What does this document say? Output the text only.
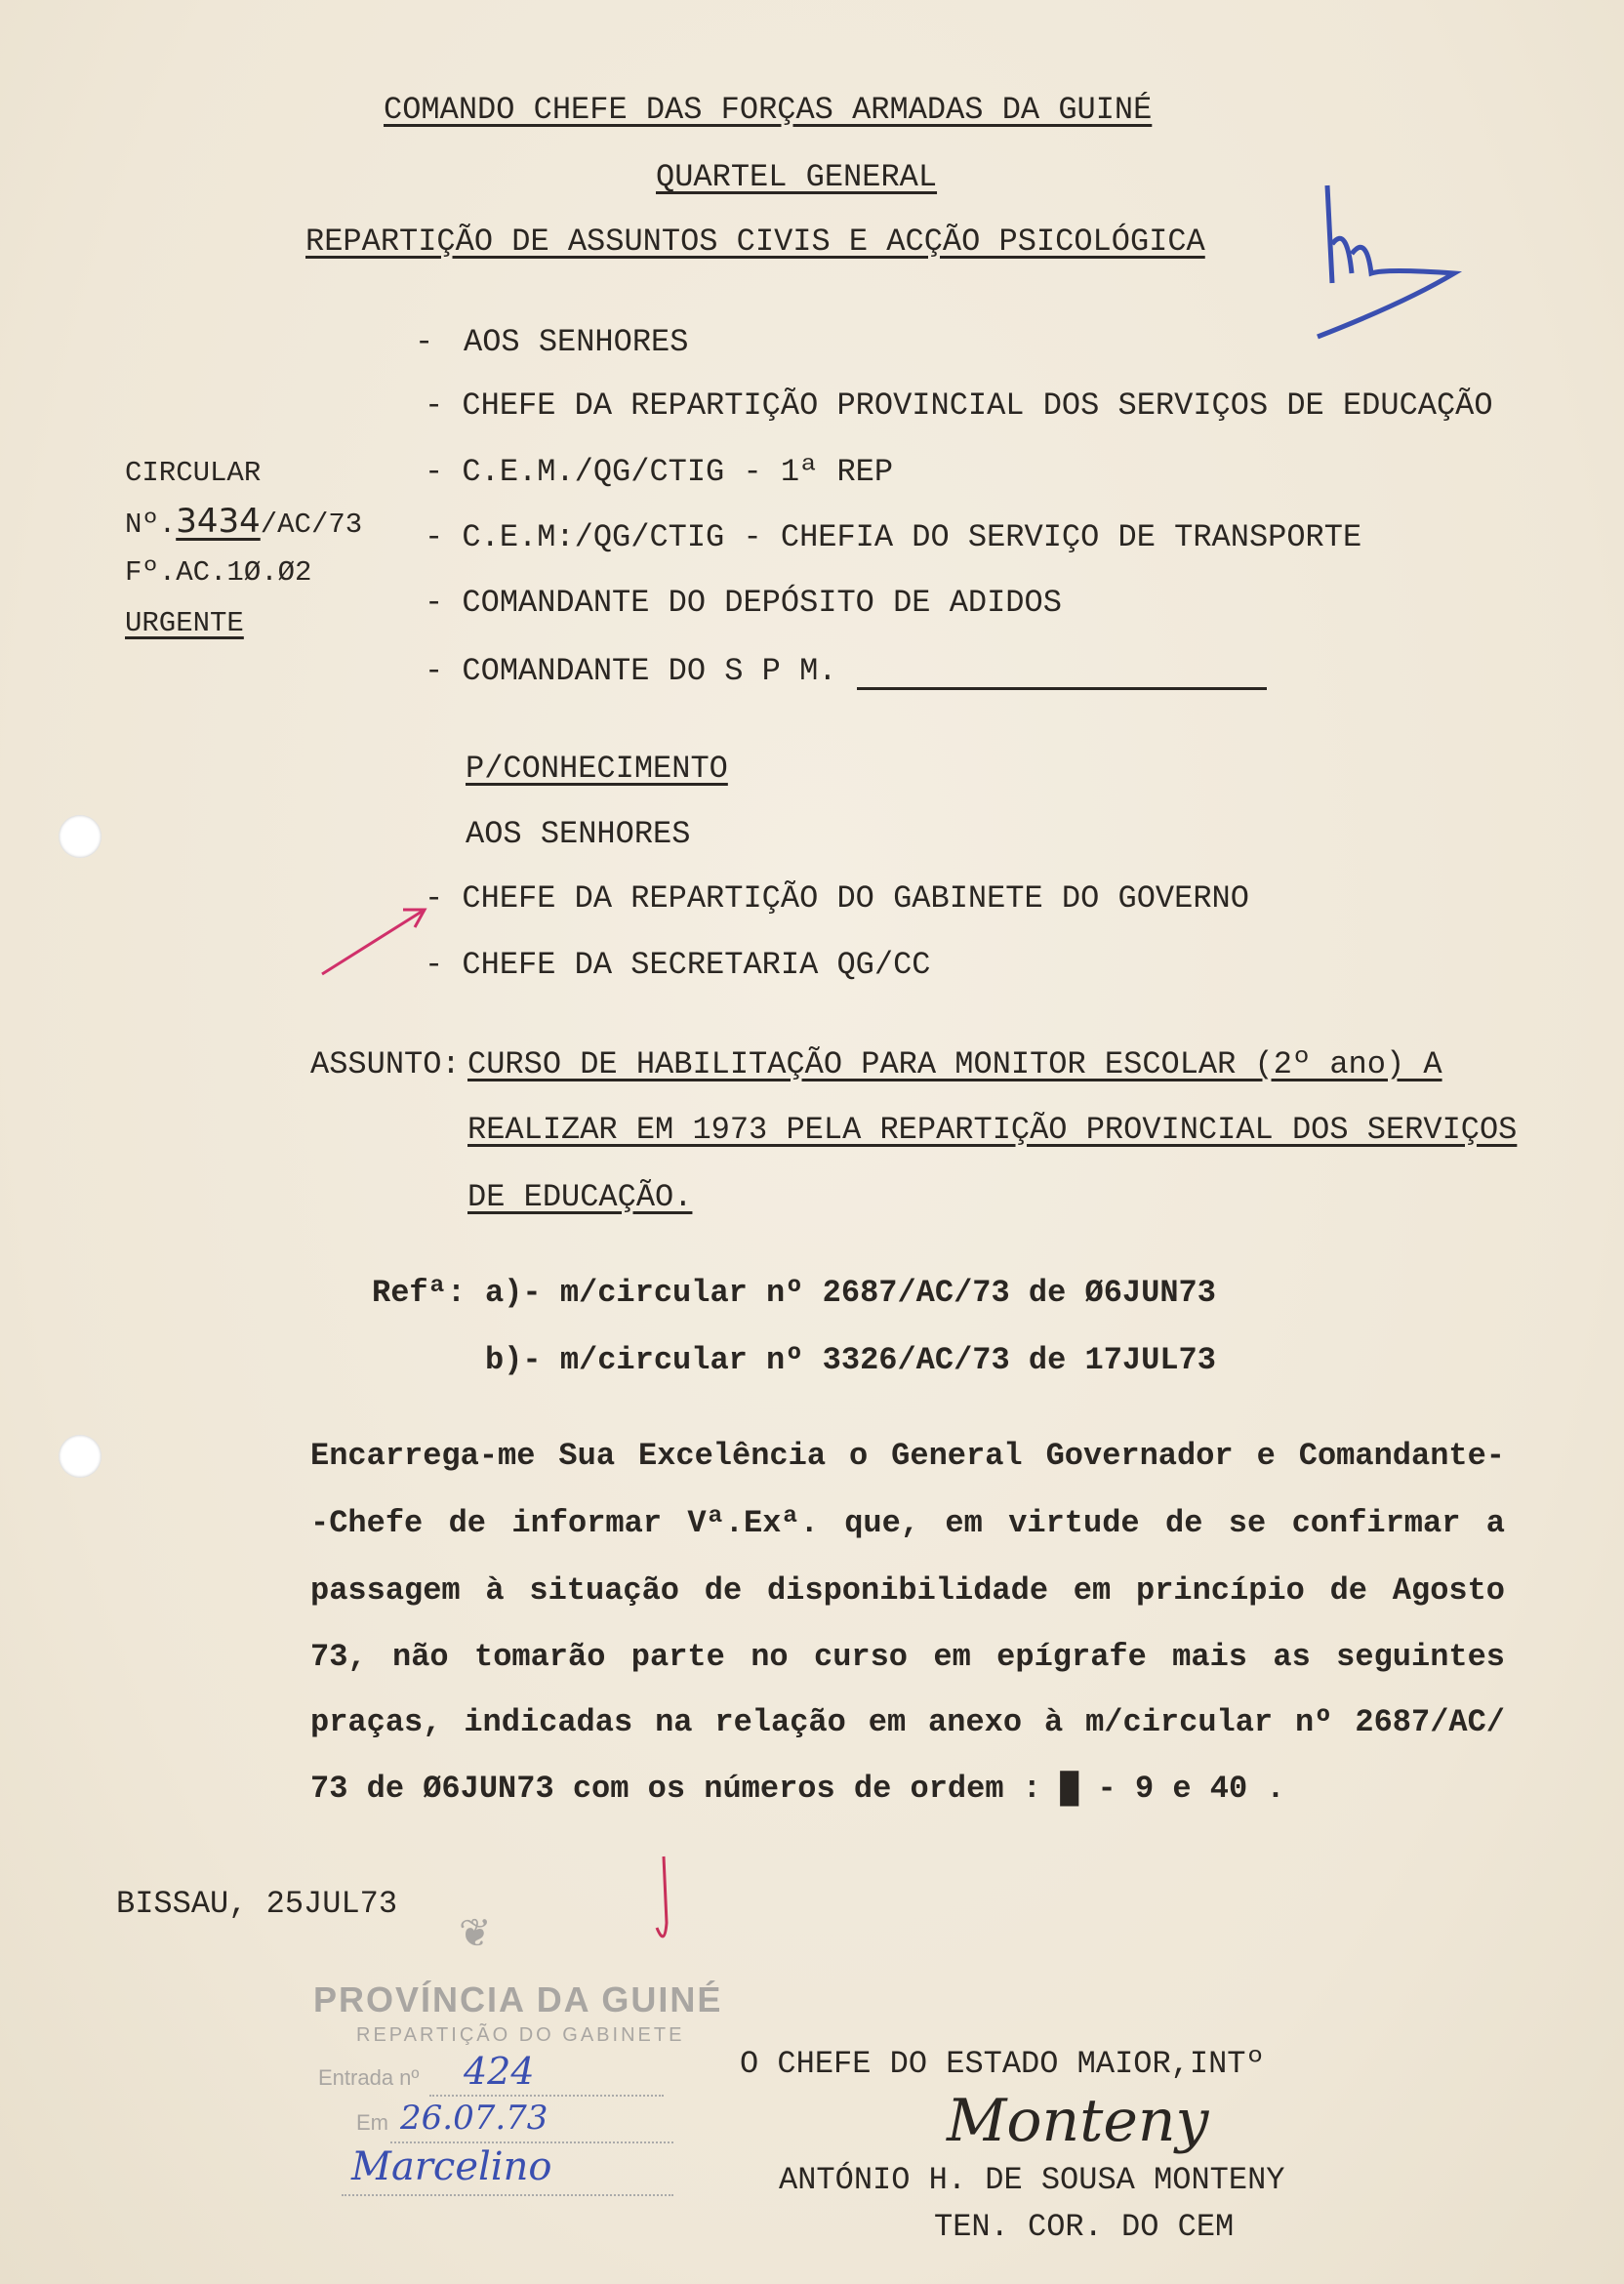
COMANDO CHEFE DAS FORÇAS ARMADAS DA GUINÉ
QUARTEL GENERAL
REPARTIÇÃO DE ASSUNTOS CIVIS E ACÇÃO PSICOLÓGICA
CIRCULAR
Nº.3434/AC/73
Fº.AC.1Ø.Ø2
URGENTE
- AOS SENHORES
- CHEFE DA REPARTIÇÃO PROVINCIAL DOS SERVIÇOS DE EDUCAÇÃO
- C.E.M./QG/CTIG - 1ª REP
- C.E.M:/QG/CTIG - CHEFIA DO SERVIÇO DE TRANSPORTE
- COMANDANTE DO DEPÓSITO DE ADIDOS
- COMANDANTE DO S P M.
P/CONHECIMENTO
AOS SENHORES
- CHEFE DA REPARTIÇÃO DO GABINETE DO GOVERNO
- CHEFE DA SECRETARIA QG/CC
ASSUNTO: CURSO DE HABILITAÇÃO PARA MONITOR ESCOLAR (2º ano) A
REALIZAR EM 1973 PELA REPARTIÇÃO PROVINCIAL DOS SERVIÇOS
DE EDUCAÇÃO.
Refª: a)- m/circular nº 2687/AC/73 de Ø6JUN73
b)- m/circular nº 3326/AC/73 de 17JUL73
Encarrega-me Sua Excelência o General Governador e Comandante-
-Chefe de informar Vª.Exª. que, em virtude de se confirmar a
passagem à situação de disponibilidade em princípio de Agosto
73, não tomarão parte no curso em epígrafe mais as seguintes
praças, indicadas na relação em anexo à m/circular nº 2687/AC/
73 de Ø6JUN73 com os números de ordem : █ - 9 e 40 .
BISSAU, 25JUL73
❦
PROVÍNCIA DA GUINÉ
REPARTIÇÃO DO GABINETE
Entrada nº 424
Em 26.07.73
Marcelino
O CHEFE DO ESTADO MAIOR,INTº
Monteny
ANTÓNIO H. DE SOUSA MONTENY
TEN. COR. DO CEM
